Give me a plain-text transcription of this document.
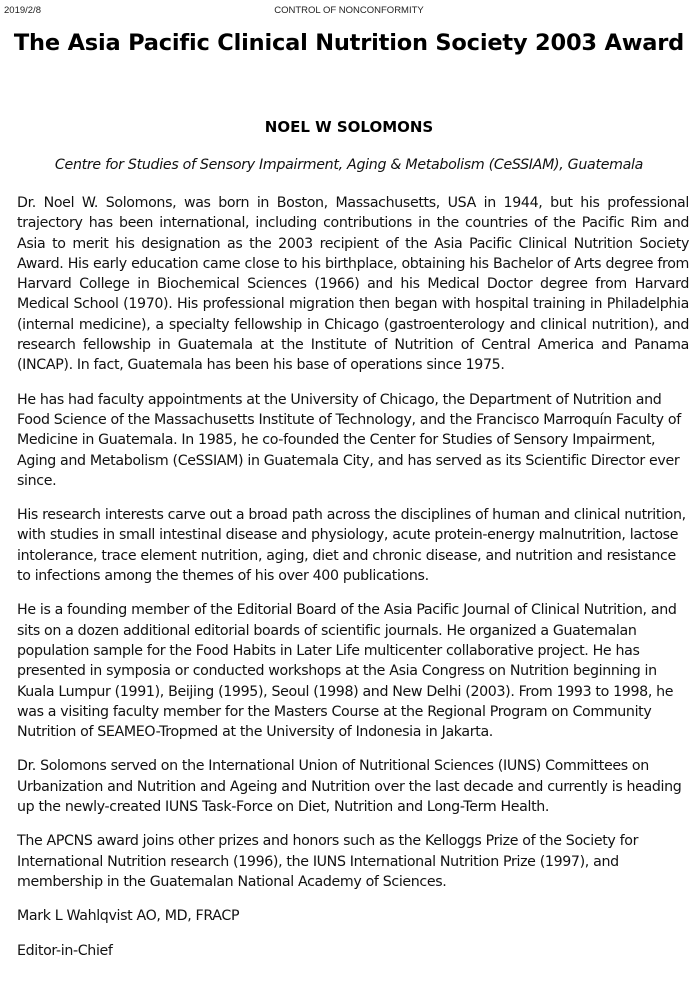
2019/2/8	CONTROL OF NONCONFORMITY
The Asia Pacific Clinical Nutrition Society 2003 Award
NOEL W SOLOMONS
Centre for Studies of Sensory Impairment, Aging & Metabolism (CeSSIAM), Guatemala

Dr. Noel W. Solomons, was born in Boston, Massachusetts, USA in 1944, but his professional trajectory has been international, including contributions in the countries of the Pacific Rim and Asia to merit his designation as the 2003 recipient of the Asia Pacific Clinical Nutrition Society Award. His early education came close to his birthplace, obtaining his Bachelor of Arts degree from Harvard College in Biochemical Sciences (1966) and his Medical Doctor degree from Harvard Medical School (1970). His professional migration then began with hospital training in Philadelphia (internal medicine), a specialty fellowship in Chicago (gastroenterology and clinical nutrition), and research fellowship in Guatemala at the Institute of Nutrition of Central America and Panama (INCAP). In fact, Guatemala has been his base of operations since 1975.

He has had faculty appointments at the University of Chicago, the Department of Nutrition and Food Science of the Massachusetts Institute of Technology, and the Francisco Marroquín Faculty of Medicine in Guatemala. In 1985, he co-founded the Center for Studies of Sensory Impairment, Aging and Metabolism (CeSSIAM) in Guatemala City, and has served as its Scientific Director ever since.

His research interests carve out a broad path across the disciplines of human and clinical nutrition, with studies in small intestinal disease and physiology, acute protein-energy malnutrition, lactose intolerance, trace element nutrition, aging, diet and chronic disease, and nutrition and resistance to infections among the themes of his over 400 publications.

He is a founding member of the Editorial Board of the Asia Pacific Journal of Clinical Nutrition, and sits on a dozen additional editorial boards of scientific journals. He organized a Guatemalan population sample for the Food Habits in Later Life multicenter collaborative project. He has presented in symposia or conducted workshops at the Asia Congress on Nutrition beginning in Kuala Lumpur (1991), Beijing (1995), Seoul (1998) and New Delhi (2003). From 1993 to 1998, he was a visiting faculty member for the Masters Course at the Regional Program on Community Nutrition of SEAMEO-Tropmed at the University of Indonesia in Jakarta.

Dr. Solomons served on the International Union of Nutritional Sciences (IUNS) Committees on Urbanization and Nutrition and Ageing and Nutrition over the last decade and currently is heading up the newly-created IUNS Task-Force on Diet, Nutrition and Long-Term Health.

The APCNS award joins other prizes and honors such as the Kelloggs Prize of the Society for International Nutrition research (1996), the IUNS International Nutrition Prize (1997), and membership in the Guatemalan National Academy of Sciences.

Mark L Wahlqvist AO, MD, FRACP

Editor-in-Chief
